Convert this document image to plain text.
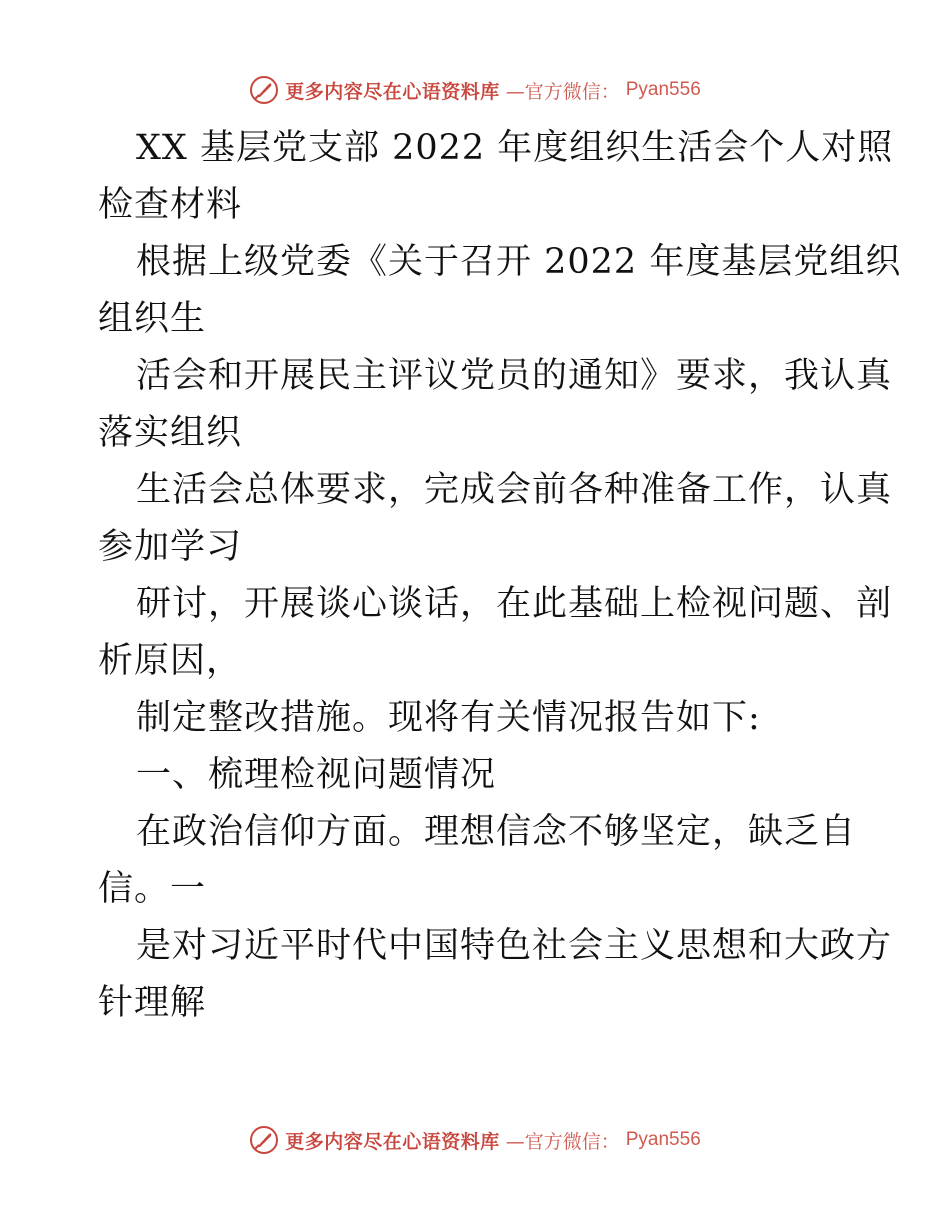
更多内容尽在心语资料库 —官方微信： Pyan556
XX 基层党支部 2022 年度组织生活会个人对照
检查材料
根据上级党委《关于召开 2022 年度基层党组织
组织生
活会和开展民主评议党员的通知》要求，我认真
落实组织
生活会总体要求，完成会前各种准备工作，认真
参加学习
研讨，开展谈心谈话，在此基础上检视问题、剖
析原因，
制定整改措施。现将有关情况报告如下:
一、梳理检视问题情况
在政治信仰方面。理想信念不够坚定，缺乏自
信。一
是对习近平时代中国特色社会主义思想和大政方
针理解
更多内容尽在心语资料库 —官方微信： Pyan556
